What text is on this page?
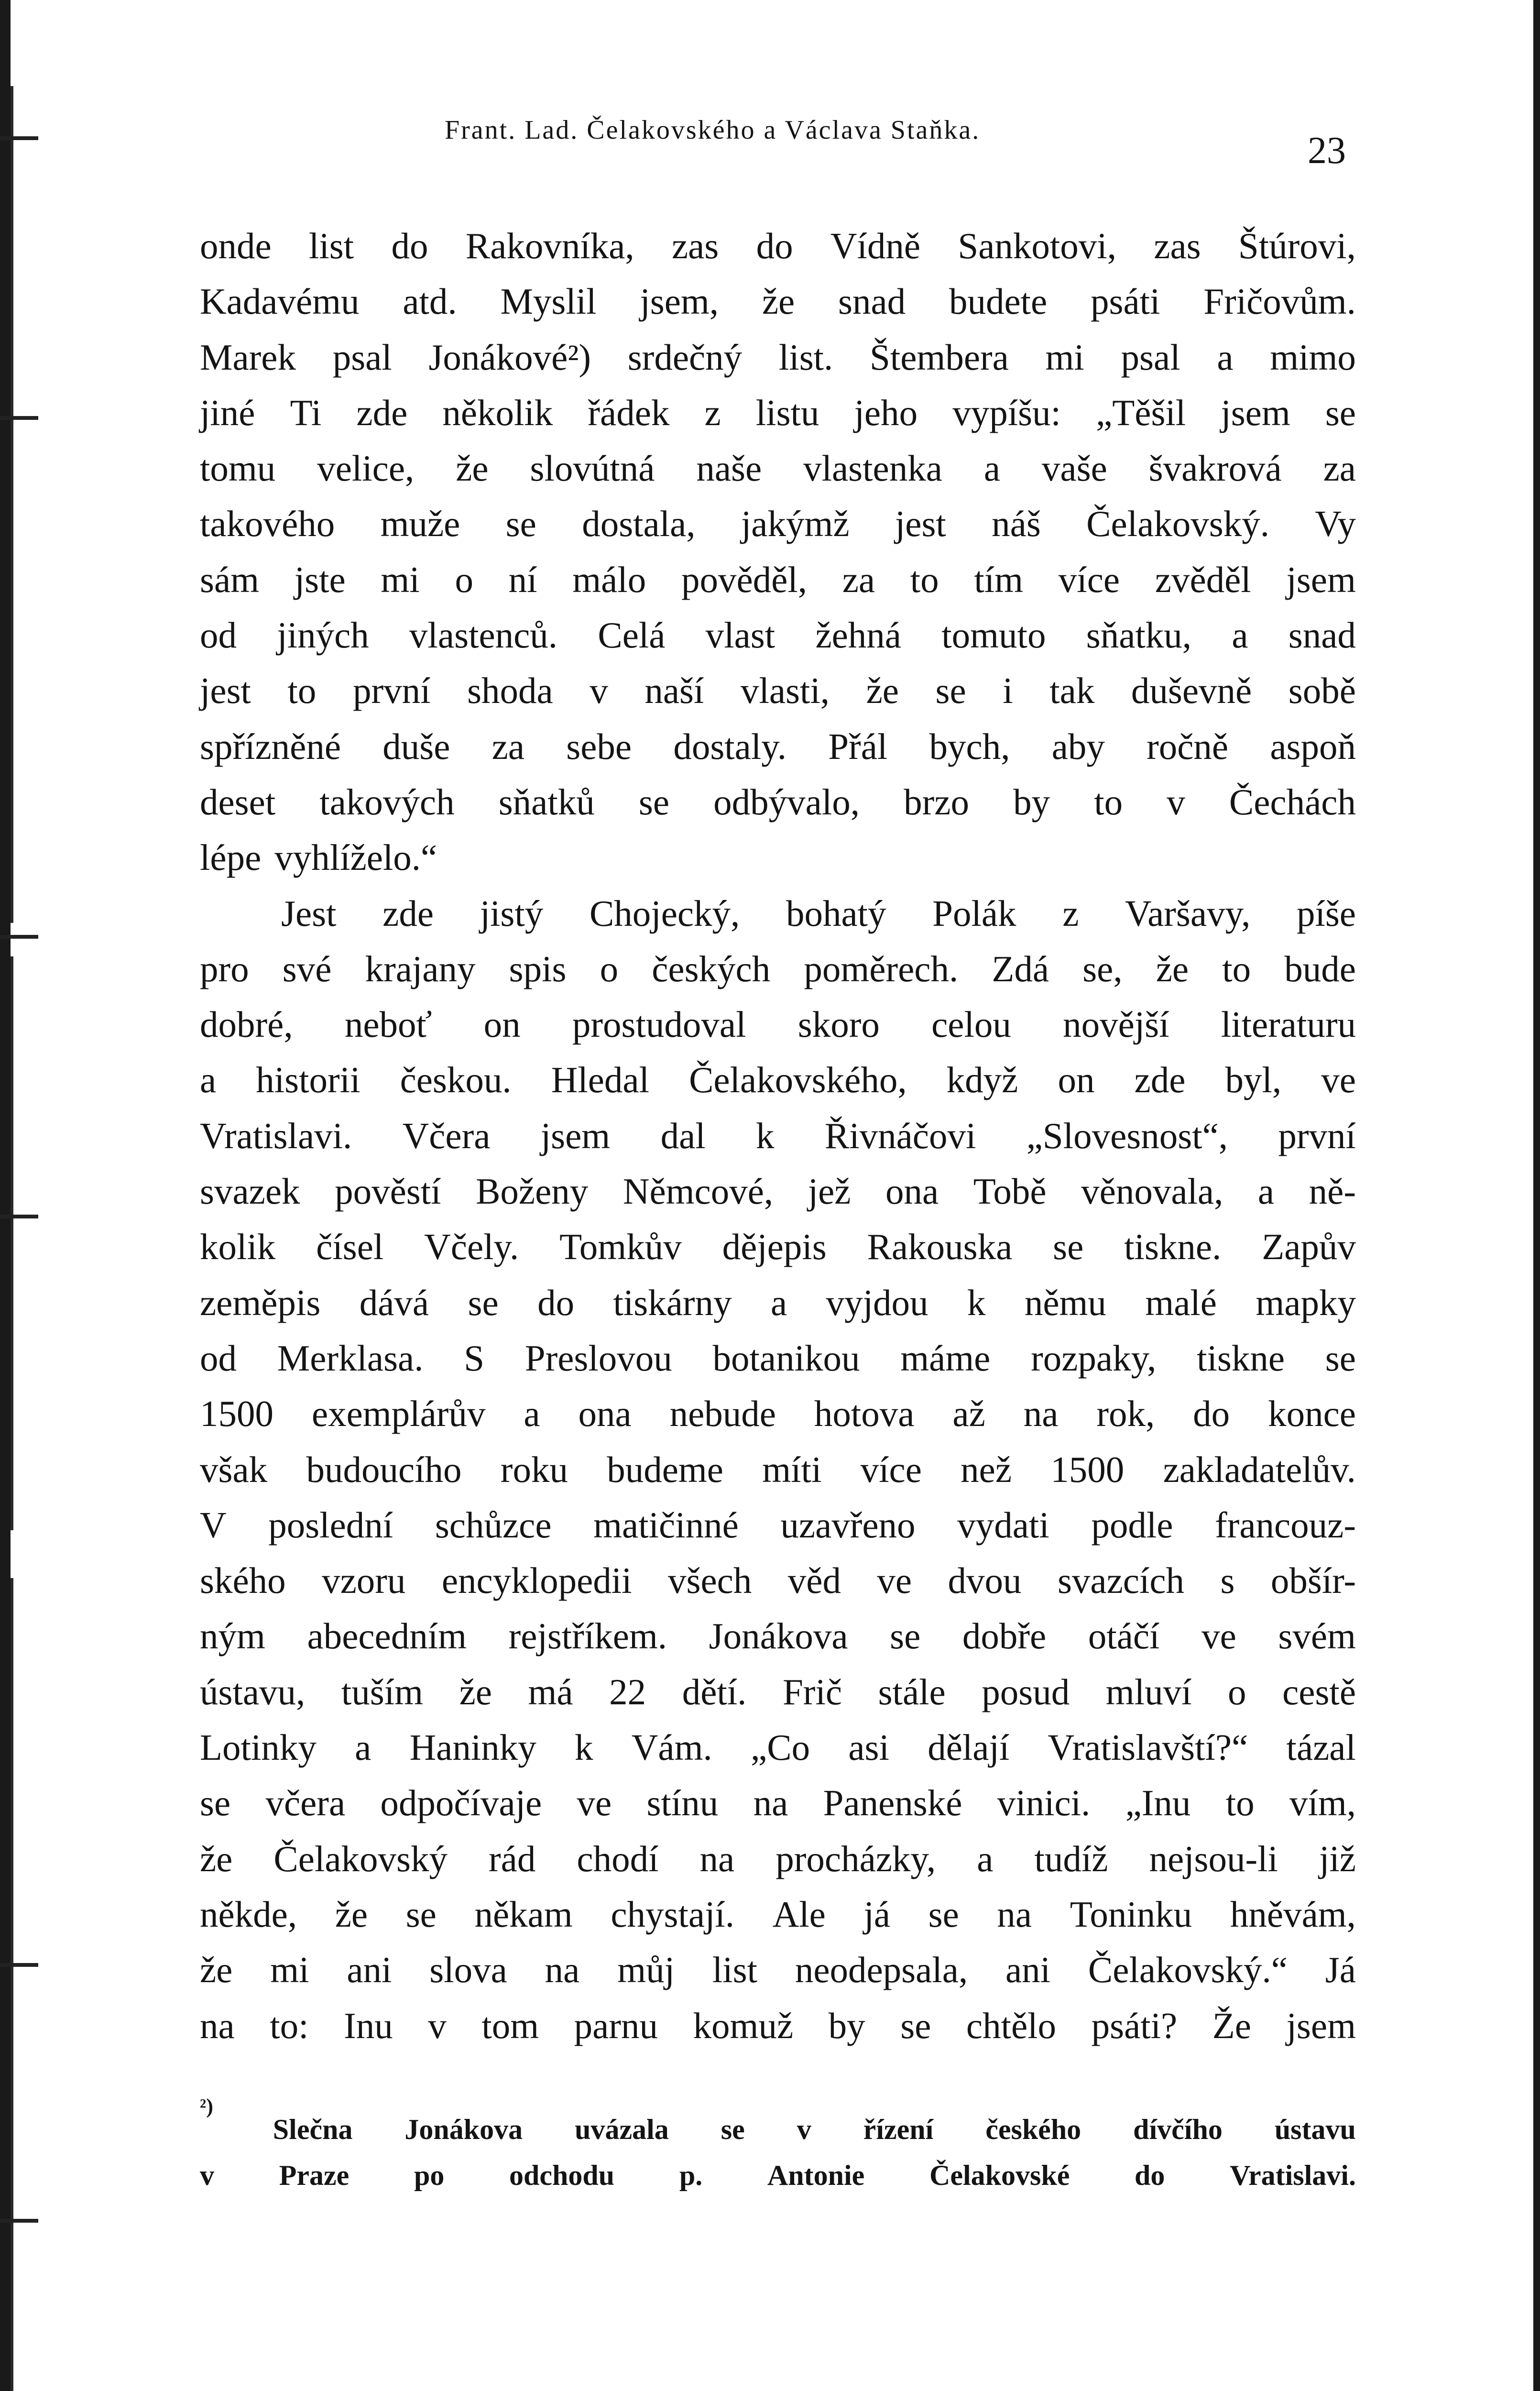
Frant. Lad. Čelakovského a Václava Staňka.	23
onde list do Rakovníka, zas do Vídně Sankotovi, zas Štúrovi,
Kadavému atd. Myslil jsem, že snad budete psáti Fričovům.
Marek psal Jonákové²) srdečný list. Štembera mi psal a mimo
jiné Ti zde několik řádek z listu jeho vypíšu: „Těšil jsem se
tomu velice, že slovútná naše vlastenka a vaše švakrová za
takového muže se dostala, jakýmž jest náš Čelakovský. Vy
sám jste mi o ní málo pověděl, za to tím více zvěděl jsem
od jiných vlastenců. Celá vlast žehná tomuto sňatku, a snad
jest to první shoda v naší vlasti, že se i tak duševně sobě
spřízněné duše za sebe dostaly. Přál bych, aby ročně aspoň
deset takových sňatků se odbývalo, brzo by to v Čechách
lépe vyhlíželo.“
Jest zde jistý Chojecký, bohatý Polák z Varšavy, píše
pro své krajany spis o českých poměrech. Zdá se, že to bude
dobré, neboť on prostudoval skoro celou novější literaturu
a historii českou. Hledal Čelakovského, když on zde byl, ve
Vratislavi. Včera jsem dal k Řivnáčovi „Slovesnost“, první
svazek pověstí Boženy Němcové, jež ona Tobě věnovala, a ně-
kolik čísel Včely. Tomkův dějepis Rakouska se tiskne. Zapův
zeměpis dává se do tiskárny a vyjdou k němu malé mapky
od Merklasa. S Preslovou botanikou máme rozpaky, tiskne se
1500 exemplárův a ona nebude hotova až na rok, do konce
však budoucího roku budeme míti více než 1500 zakladatelův.
V poslední schůzce matičinné uzavřeno vydati podle francouz-
ského vzoru encyklopedii všech věd ve dvou svazcích s obšír-
ným abecedním rejstříkem. Jonákova se dobře otáčí ve svém
ústavu, tuším že má 22 dětí. Frič stále posud mluví o cestě
Lotinky a Haninky k Vám. „Co asi dělají Vratislavští?“ tázal
se včera odpočívaje ve stínu na Panenské vinici. „Inu to vím,
že Čelakovský rád chodí na procházky, a tudíž nejsou-li již
někde, že se někam chystají. Ale já se na Toninku hněvám,
že mi ani slova na můj list neodepsala, ani Čelakovský.“ Já
na to: Inu v tom parnu komuž by se chtělo psáti? Že jsem
²)
Slečna Jonákova uvázala se v řízení českého dívčího ústavu
v Praze po odchodu p. Antonie Čelakovské do Vratislavi.
